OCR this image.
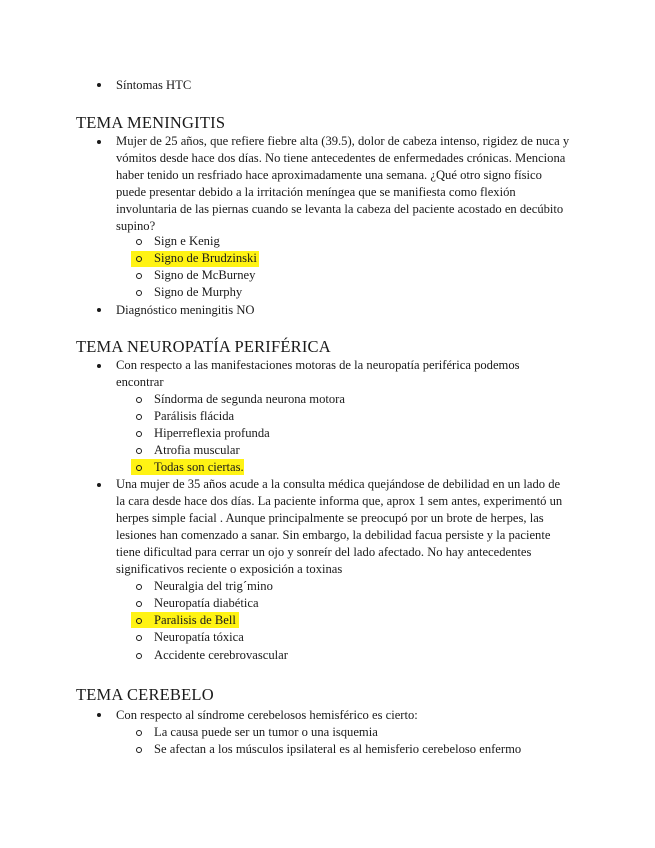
Síntomas HTC
TEMA MENINGITIS
Mujer de 25 años, que refiere fiebre alta (39.5), dolor de cabeza intenso, rigidez de nuca y
vómitos desde hace dos días. No tiene antecedentes de enfermedades crónicas. Menciona
haber tenido un resfriado hace aproximadamente una semana. ¿Qué otro signo físico
puede presentar debido a la irritación meníngea que se manifiesta como flexión
involuntaria de las piernas cuando se levanta la cabeza del paciente acostado en decúbito
supino?
Sign e Kenig
Signo de Brudzinski
Signo de McBurney
Signo de Murphy
Diagnóstico meningitis NO
TEMA NEUROPATÍA PERIFÉRICA
Con respecto a las manifestaciones motoras de la neuropatía periférica podemos
encontrar
Síndorma de segunda neurona motora
Parálisis flácida
Hiperreflexia profunda
Atrofia muscular
Todas son ciertas.
Una mujer de 35 años acude a la consulta médica quejándose de debilidad en un lado de
la cara desde hace dos días. La paciente informa que, aprox 1 sem antes, experimentó un
herpes simple facial . Aunque principalmente se preocupó por un brote de herpes, las
lesiones han comenzado a sanar. Sin embargo, la debilidad facua persiste y la paciente
tiene dificultad para cerrar un ojo y sonreír del lado afectado. No hay antecedentes
significativos reciente o exposición a toxinas
Neuralgia del trig´mino
Neuropatía diabética
Paralisis de Bell
Neuropatía tóxica
Accidente cerebrovascular
TEMA CEREBELO
Con respecto al síndrome cerebelosos hemisférico es cierto:
La causa puede ser un tumor o una isquemia
Se afectan a los músculos ipsilateral es al hemisferio cerebeloso enfermo
